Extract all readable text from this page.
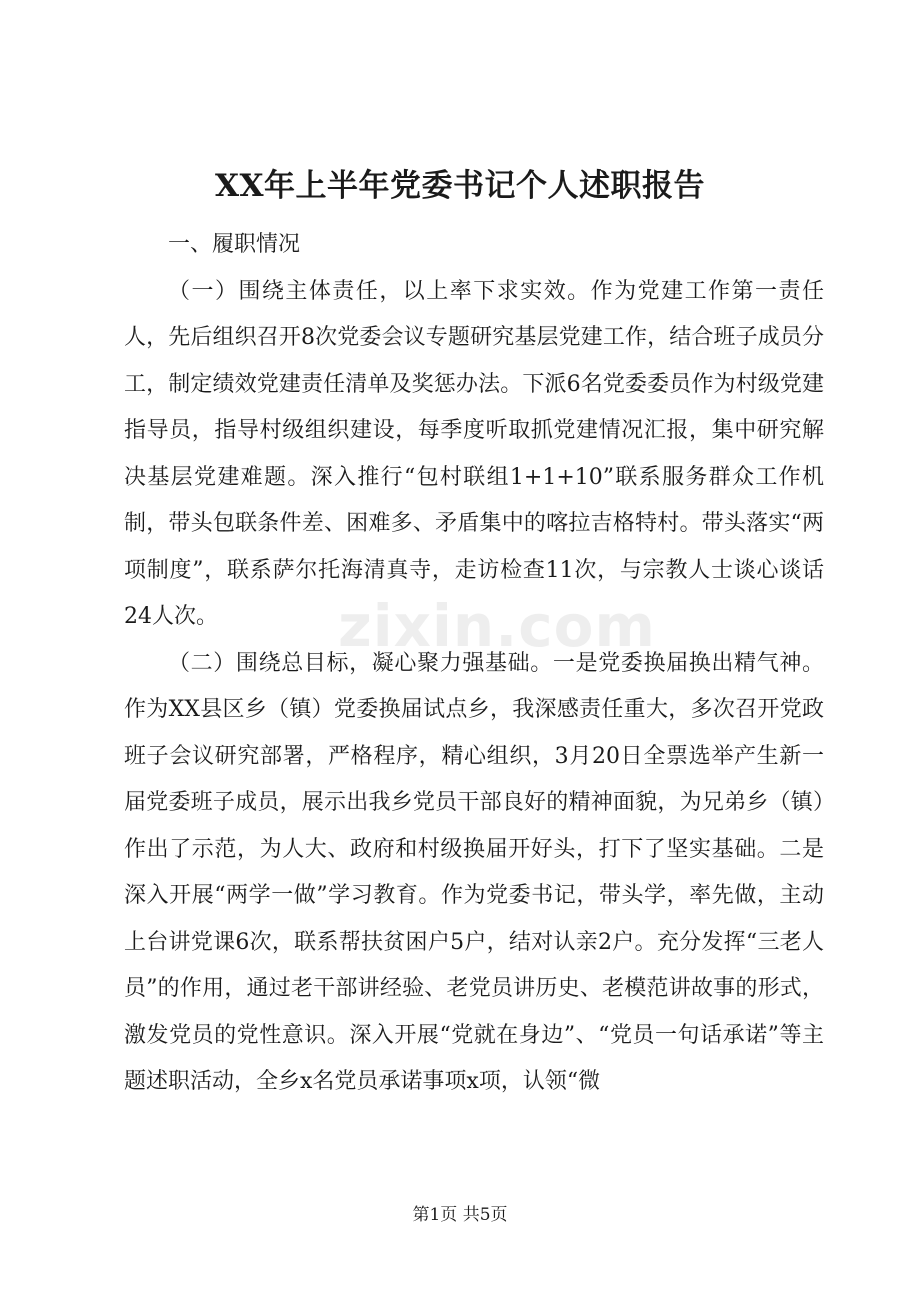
XX年上半年党委书记个人述职报告

一、履职情况

（一）围绕主体责任，以上率下求实效。作为党建工作第一责任人，先后组织召开8次党委会议专题研究基层党建工作，结合班子成员分工，制定绩效党建责任清单及奖惩办法。下派6名党委委员作为村级党建指导员，指导村级组织建设，每季度听取抓党建情况汇报，集中研究解决基层党建难题。深入推行“包村联组1+1+10”联系服务群众工作机制，带头包联条件差、困难多、矛盾集中的喀拉吉格特村。带头落实“两项制度”，联系萨尔托海清真寺，走访检查11次，与宗教人士谈心谈话24人次。

（二）围绕总目标，凝心聚力强基础。一是党委换届换出精气神。作为XX县区乡（镇）党委换届试点乡，我深感责任重大，多次召开党政班子会议研究部署，严格程序，精心组织，3月20日全票选举产生新一届党委班子成员，展示出我乡党员干部良好的精神面貌，为兄弟乡（镇）作出了示范，为人大、政府和村级换届开好头，打下了坚实基础。二是深入开展“两学一做”学习教育。作为党委书记，带头学，率先做，主动上台讲党课6次，联系帮扶贫困户5户，结对认亲2户。充分发挥“三老人员”的作用，通过老干部讲经验、老党员讲历史、老模范讲故事的形式，激发党员的党性意识。深入开展“党就在身边”、“党员一句话承诺”等主题述职活动，全乡x名党员承诺事项x项，认领“微

zixin.com
第1页 共5页
